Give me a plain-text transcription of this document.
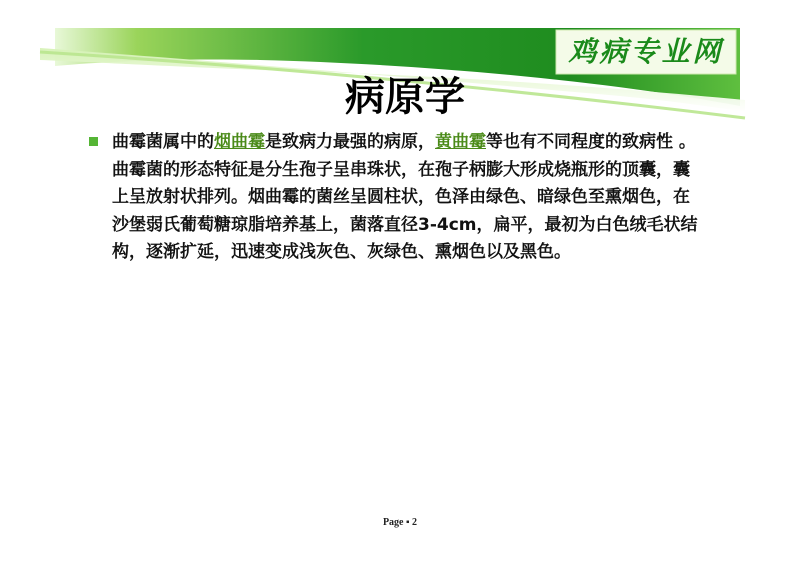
鸡病专业网
病原学
曲霉菌属中的烟曲霉是致病力最强的病原，黄曲霉等也有不同程度的致病性 。曲霉菌的形态特征是分生孢子呈串珠状，在孢子柄膨大形成烧瓶形的顶囊，囊上呈放射状排列。烟曲霉的菌丝呈圆柱状，色泽由绿色、暗绿色至熏烟色，在沙堡弱氏葡萄糖琼脂培养基上，菌落直径3-4cm，扁平，最初为白色绒毛状结构，逐渐扩延，迅速变成浅灰色、灰绿色、熏烟色以及黑色。
Page ▪ 2
